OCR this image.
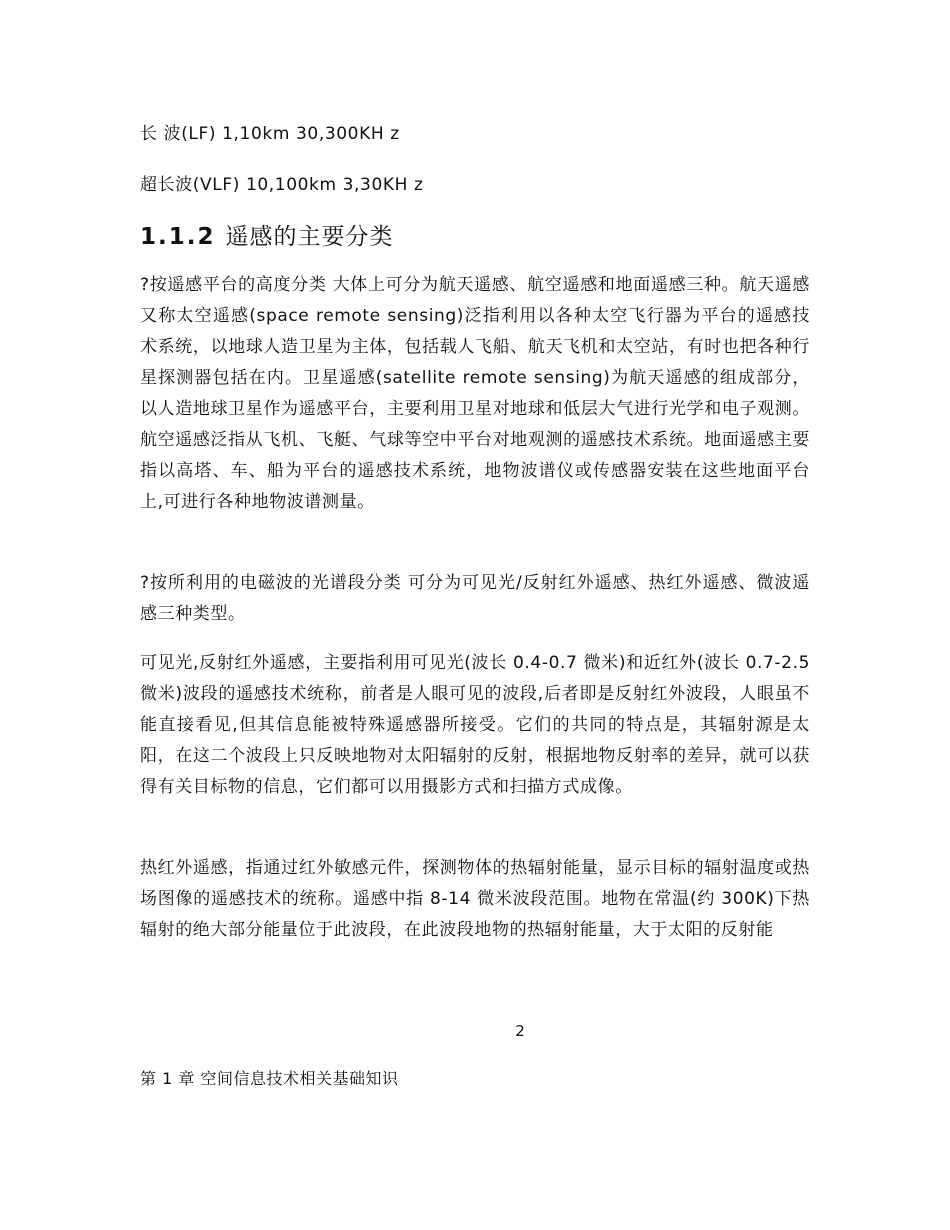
长 波(LF) 1,10km 30,300KH z
超长波(VLF) 10,100km 3,30KH z
1.1.2 遥感的主要分类

?按遥感平台的高度分类 大体上可分为航天遥感、航空遥感和地面遥感三种。航天遥感又称太空遥感(space remote sensing)泛指利用以各种太空飞行器为平台的遥感技术系统，以地球人造卫星为主体，包括载人飞船、航天飞机和太空站，有时也把各种行星探测器包括在内。卫星遥感(satellite remote sensing)为航天遥感的组成部分，以人造地球卫星作为遥感平台，主要利用卫星对地球和低层大气进行光学和电子观测。航空遥感泛指从飞机、飞艇、气球等空中平台对地观测的遥感技术系统。地面遥感主要指以高塔、车、船为平台的遥感技术系统，地物波谱仪或传感器安装在这些地面平台上,可进行各种地物波谱测量。

?按所利用的电磁波的光谱段分类 可分为可见光/反射红外遥感、热红外遥感、微波遥感三种类型。

可见光,反射红外遥感，主要指利用可见光(波长 0.4-0.7 微米)和近红外(波长 0.7-2.5 微米)波段的遥感技术统称，前者是人眼可见的波段,后者即是反射红外波段，人眼虽不能直接看见,但其信息能被特殊遥感器所接受。它们的共同的特点是，其辐射源是太阳，在这二个波段上只反映地物对太阳辐射的反射，根据地物反射率的差异，就可以获得有关目标物的信息，它们都可以用摄影方式和扫描方式成像。

热红外遥感，指通过红外敏感元件，探测物体的热辐射能量，显示目标的辐射温度或热场图像的遥感技术的统称。遥感中指 8-14 微米波段范围。地物在常温(约 300K)下热辐射的绝大部分能量位于此波段，在此波段地物的热辐射能量，大于太阳的反射能

2
第 1 章 空间信息技术相关基础知识
